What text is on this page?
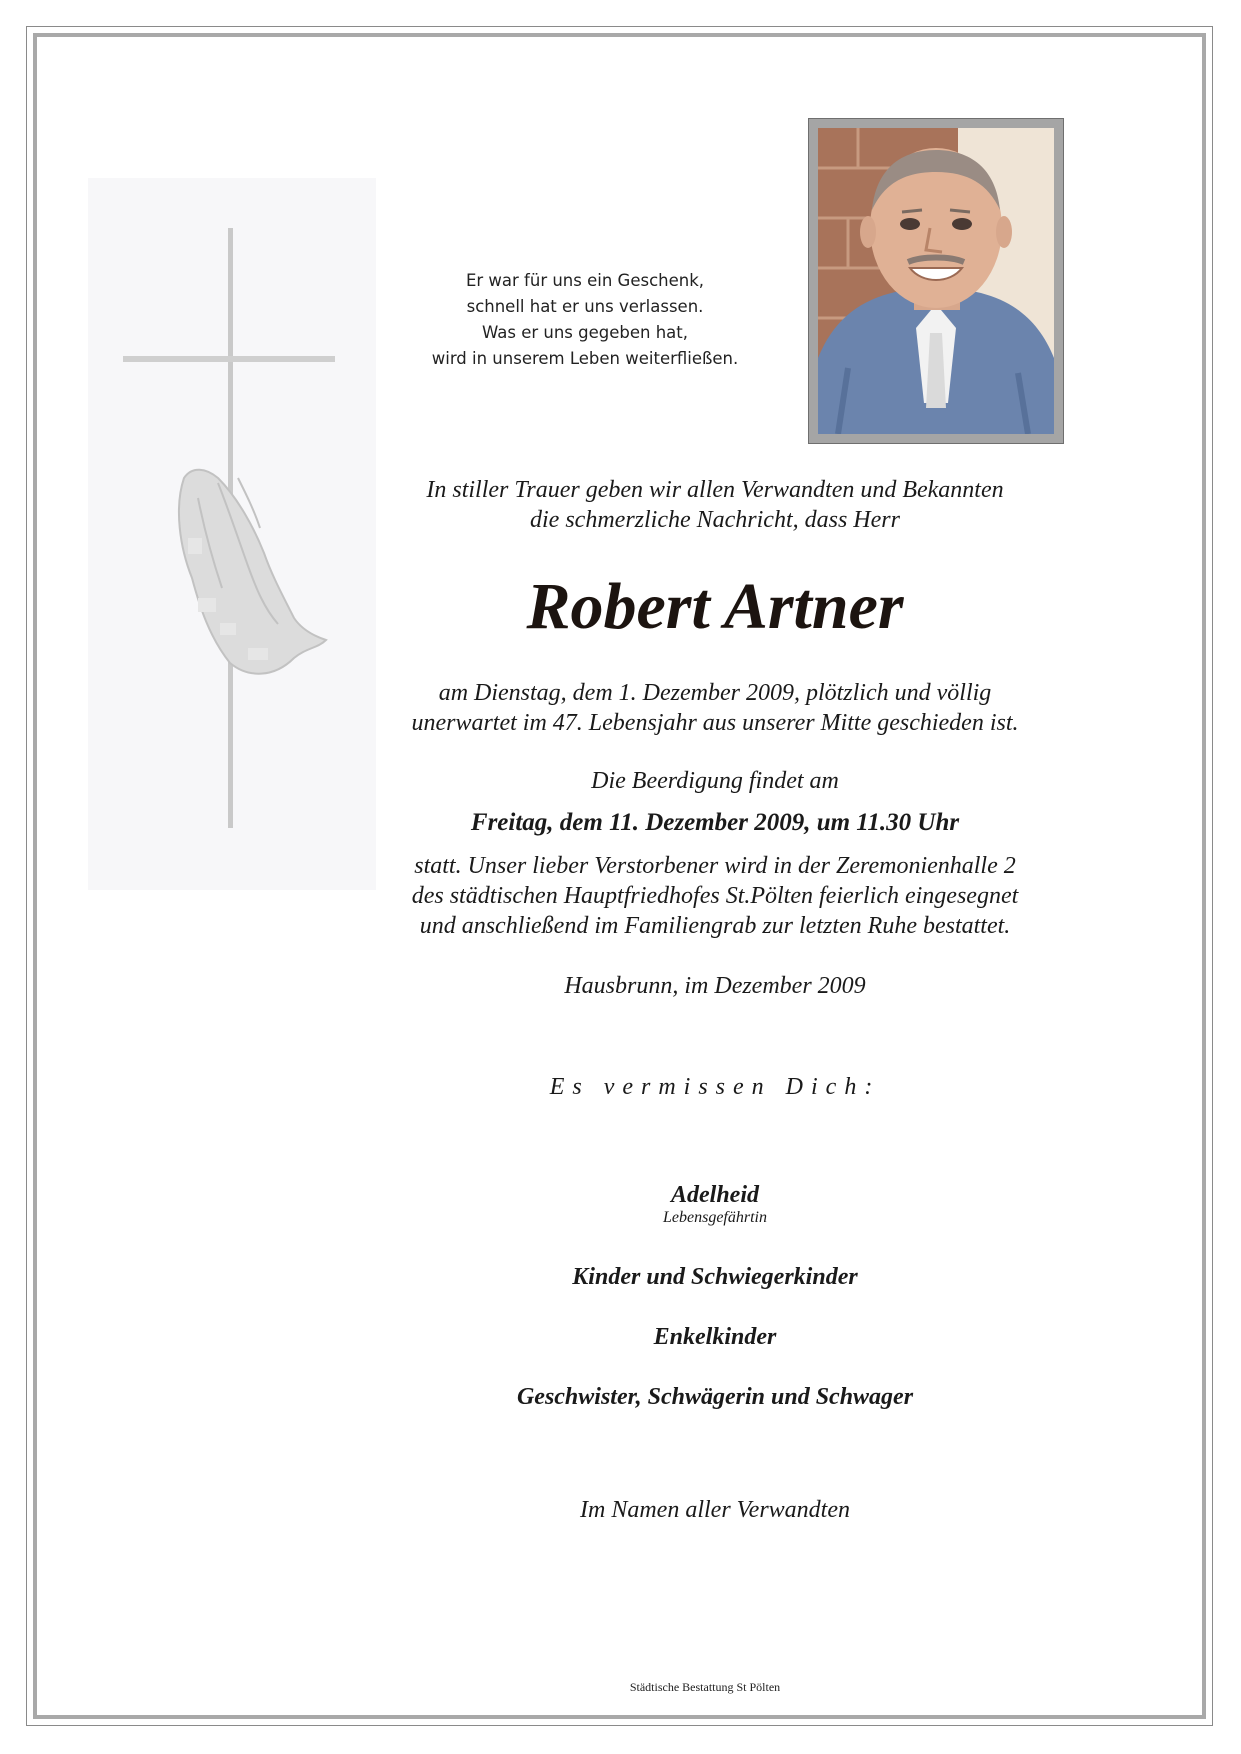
Er war für uns ein Geschenk,
schnell hat er uns verlassen.
Was er uns gegeben hat,
wird in unserem Leben weiterfließen.
In stiller Trauer geben wir allen Verwandten und Bekannten
die schmerzliche Nachricht, dass Herr
Robert Artner
am Dienstag, dem 1. Dezember 2009, plötzlich und völlig
unerwartet im 47. Lebensjahr aus unserer Mitte geschieden ist.
Die Beerdigung findet am
Freitag, dem 11. Dezember 2009, um 11.30 Uhr
statt. Unser lieber Verstorbener wird in der Zeremonienhalle 2
des städtischen Hauptfriedhofes St.Pölten feierlich eingesegnet
und anschließend im Familiengrab zur letzten Ruhe bestattet.
Hausbrunn, im Dezember 2009
Es vermissen Dich:
Adelheid
Lebensgefährtin
Kinder und Schwiegerkinder
Enkelkinder
Geschwister, Schwägerin und Schwager
Im Namen aller Verwandten
Städtische Bestattung St Pölten
